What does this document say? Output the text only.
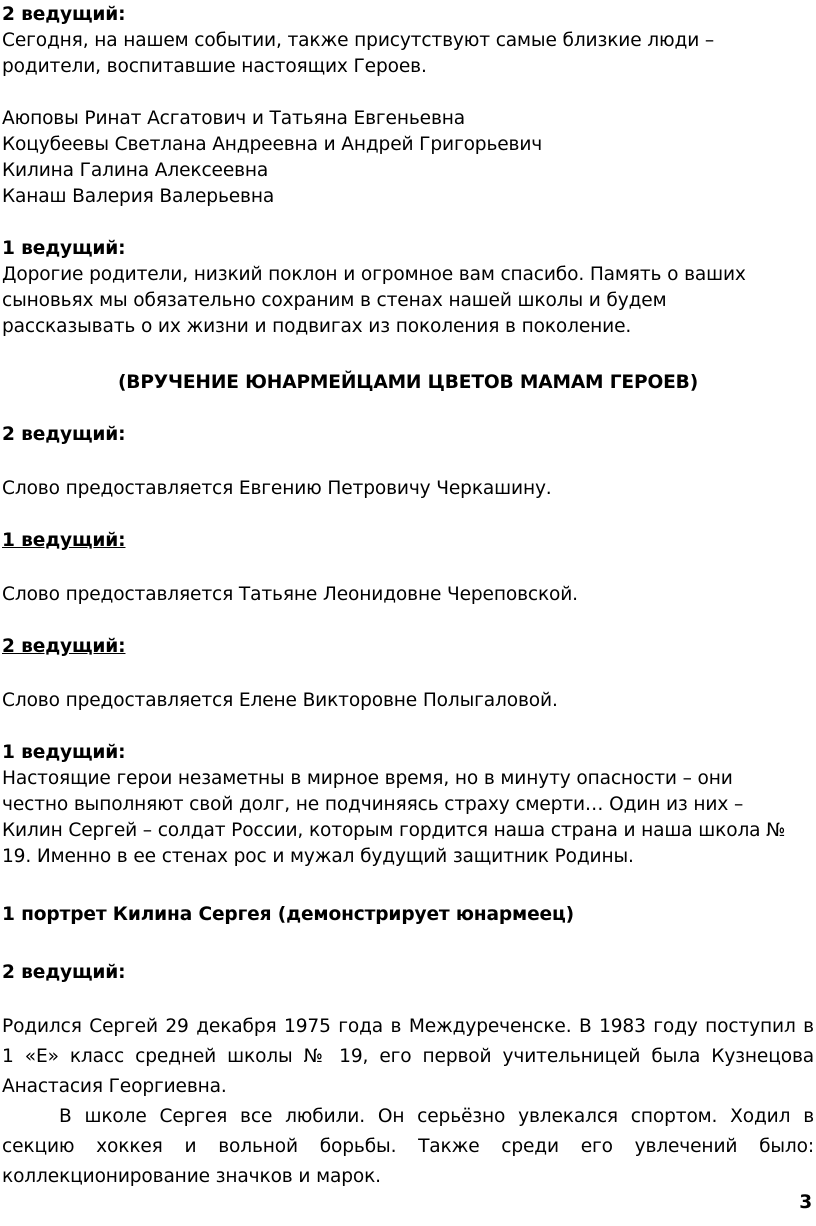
2 ведущий:
Сегодня, на нашем событии, также присутствуют самые близкие люди –
родители, воспитавшие настоящих Героев.
Аюповы Ринат Асгатович и Татьяна Евгеньевна
Коцубеевы Светлана Андреевна и Андрей Григорьевич
Килина Галина Алексеевна
Канаш Валерия Валерьевна
1 ведущий:
Дорогие родители, низкий поклон и огромное вам спасибо. Память о ваших
сыновьях мы обязательно сохраним в стенах нашей школы и будем
рассказывать о их жизни и подвигах из поколения в поколение.
(ВРУЧЕНИЕ ЮНАРМЕЙЦАМИ ЦВЕТОВ МАМАМ ГЕРОЕВ)
2 ведущий:
Слово предоставляется Евгению Петровичу Черкашину.
1 ведущий:
Слово предоставляется Татьяне Леонидовне Череповской.
2 ведущий:
Слово предоставляется Елене Викторовне Полыгаловой.
1 ведущий:
Настоящие герои незаметны в мирное время, но в минуту опасности – они
честно выполняют свой долг, не подчиняясь страху смерти… Один из них –
Килин Сергей – солдат России, которым гордится наша страна и наша школа №
19. Именно в ее стенах рос и мужал будущий защитник Родины.
1 портрет Килина Сергея (демонстрирует юнармеец)
2 ведущий:
Родился Сергей 29 декабря 1975 года в Междуреченске. В 1983 году поступил в
1 «Е» класс средней школы № 19, его первой учительницей была Кузнецова
Анастасия Георгиевна.
В школе Сергея все любили. Он серьёзно увлекался спортом. Ходил в
секцию хоккея и вольной борьбы. Также среди его увлечений было:
коллекционирование значков и марок.
3
